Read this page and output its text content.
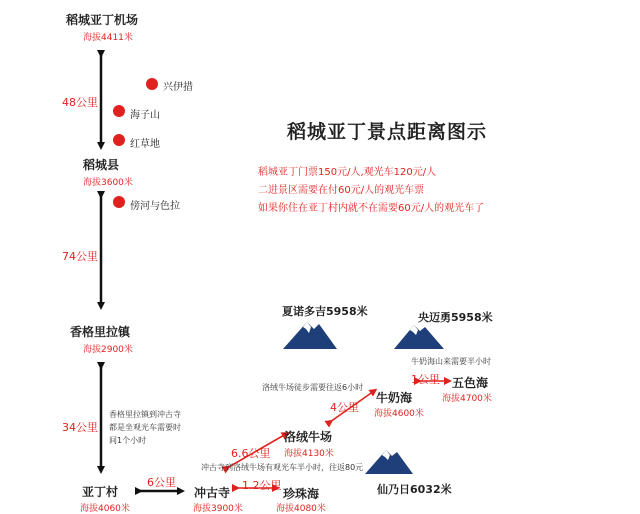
稻城亚丁机场
海拔4411米
48公里
兴伊措
海子山
红草地
稻城县
海拔3600米
傍河与色拉
74公里
香格里拉镇
海拔2900米
34公里
香格里拉镇到冲古寺
都是坐观光车需要时
间1个小时
亚丁村
海拔4060米
6公里
稻城亚丁景点距离图示
稻城亚丁门票150元/人,观光车120元/人
二进景区需要在付60元/人的观光车票
如果你住在亚丁村内就不在需要60元/人的观光车了
夏诺多吉5958米	央迈勇5958米
仙乃日6032米
牛奶海山来需要半小时
1公里 五色海
海拔4700米
洛绒牛场徒步需要往返6小时
牛奶海
海拔4600米
4公里
洛绒牛场
海拔4130米
6.6公里
冲古寺到洛绒牛场有观光车半小时，往返80元
1.2公里
冲古寺
海拔3900米
珍珠海
海拔4080米
